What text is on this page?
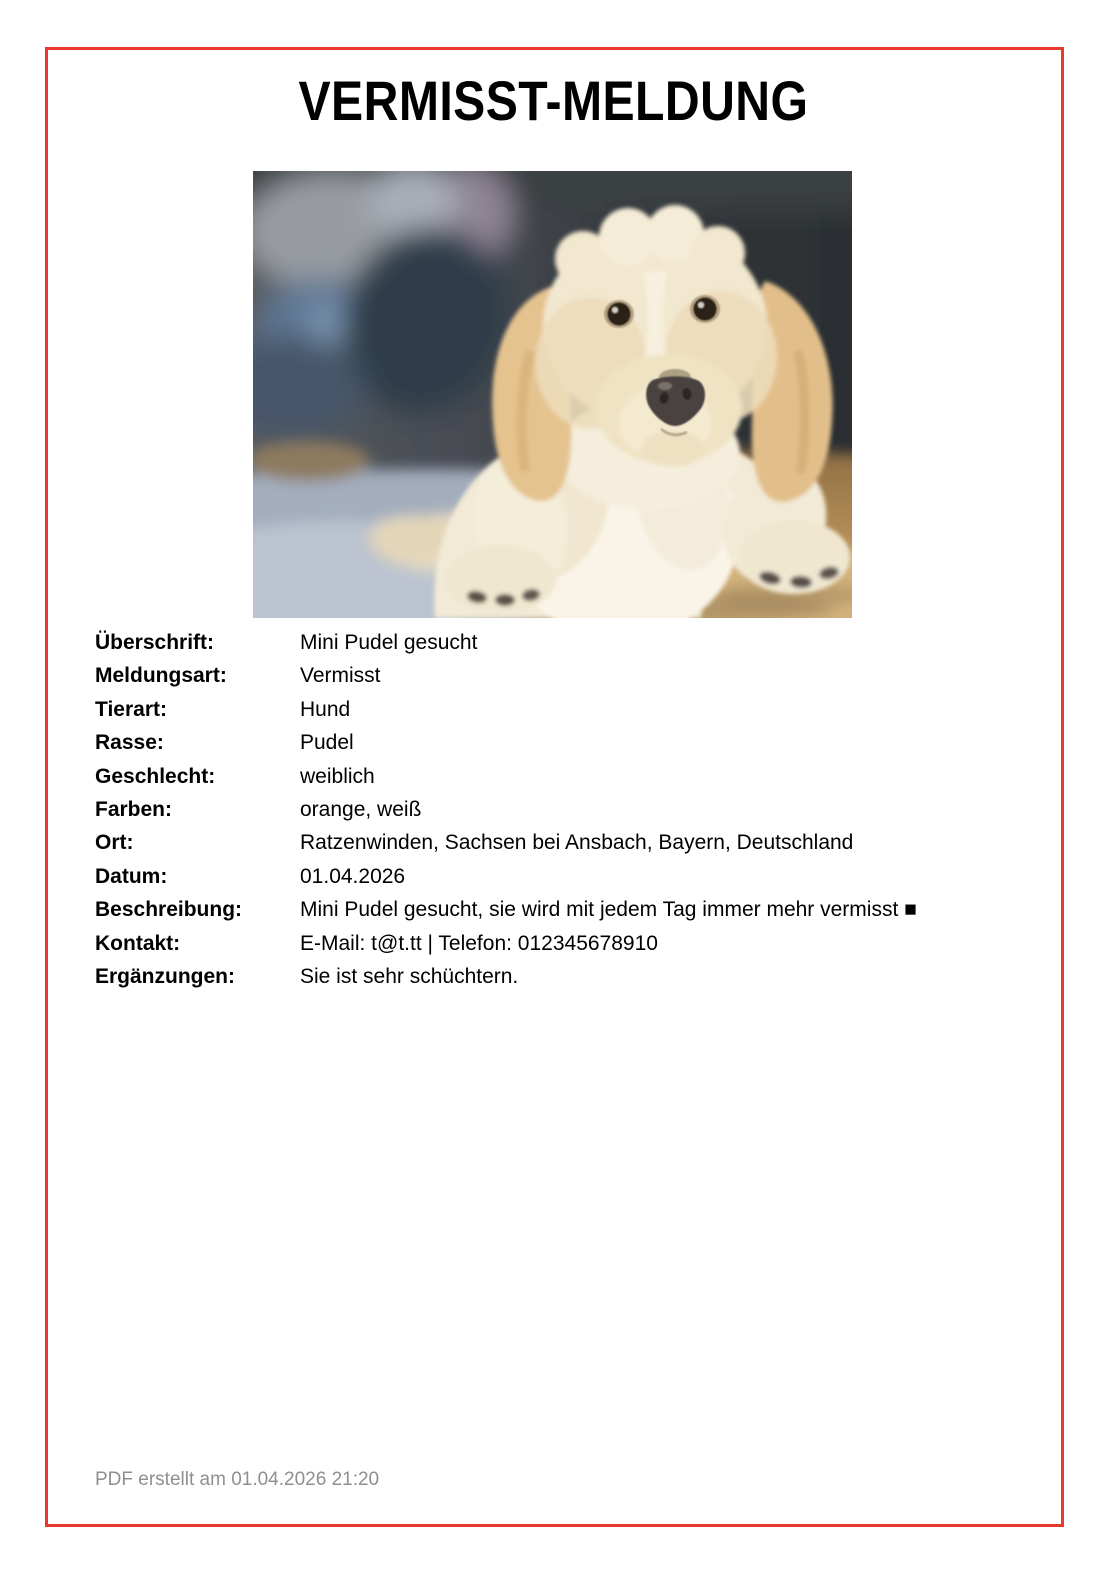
VERMISST-MELDUNG
Überschrift:	Mini Pudel gesucht
Meldungsart:	Vermisst
Tierart:	Hund
Rasse:	Pudel
Geschlecht:	weiblich
Farben:	orange, weiß
Ort:	Ratzenwinden, Sachsen bei Ansbach, Bayern, Deutschland
Datum:	01.04.2026
Beschreibung:	Mini Pudel gesucht, sie wird mit jedem Tag immer mehr vermisst ■
Kontakt:	E-Mail: t@t.tt | Telefon: 012345678910
Ergänzungen:	Sie ist sehr schüchtern.
PDF erstellt am 01.04.2026 21:20
